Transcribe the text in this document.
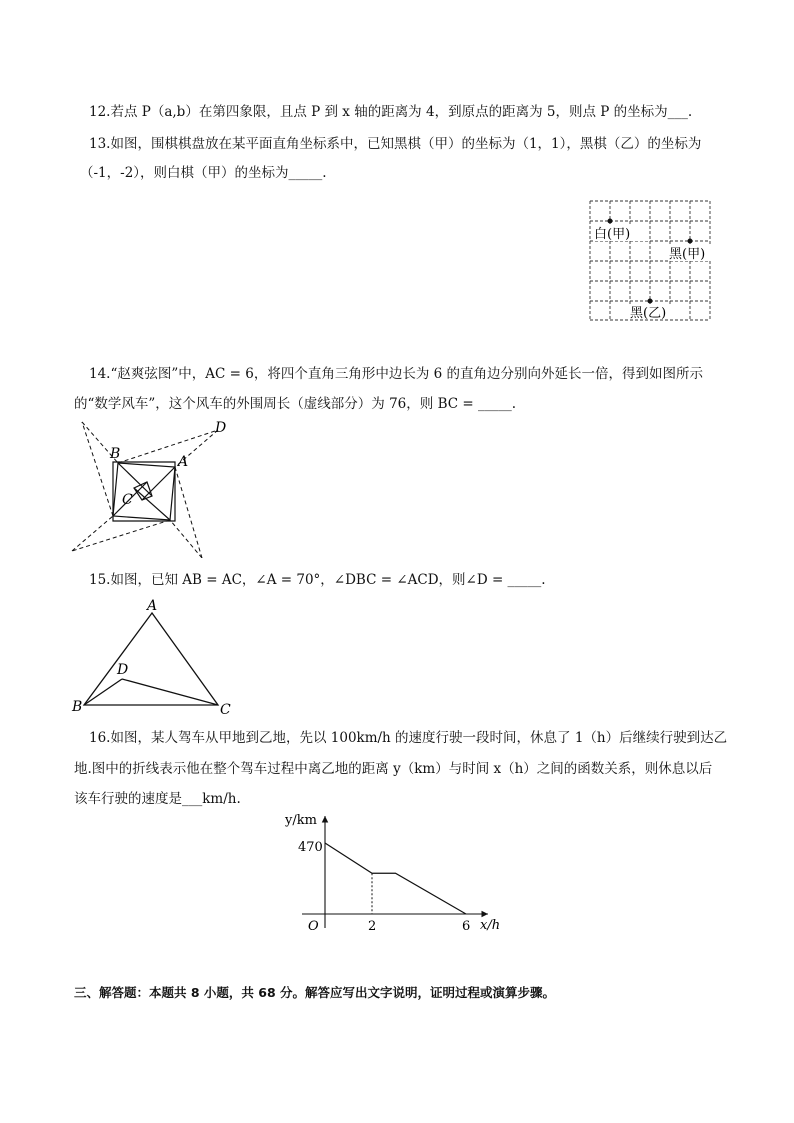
12.若点 P（a,b）在第四象限，且点 P 到 x 轴的距离为 4，到原点的距离为 5，则点 P 的坐标为___.
13.如图，围棋棋盘放在某平面直角坐标系中，已知黑棋（甲）的坐标为（1，1），黑棋（乙）的坐标为
（-1，-2），则白棋（甲）的坐标为_____.
白(甲)
黑(甲)
黑(乙)
14.“赵爽弦图”中，AC = 6，将四个直角三角形中边长为 6 的直角边分别向外延长一倍，得到如图所示
的“数学风车”，这个风车的外围周长（虚线部分）为 76，则 BC = _____.
B	A
C
D
15.如图，已知 AB = AC，∠A = 70°，∠DBC = ∠ACD，则∠D = _____.
A
D
B	C
16.如图，某人驾车从甲地到乙地，先以 100km/h 的速度行驶一段时间，休息了 1（h）后继续行驶到达乙
地.图中的折线表示他在整个驾车过程中离乙地的距离 y（km）与时间 x（h）之间的函数关系，则休息以后
该车行驶的速度是___km/h.
y/km
x/h
O
470
2	6
三、解答题：本题共 8 小题，共 68 分。解答应写出文字说明，证明过程或演算步骤。
